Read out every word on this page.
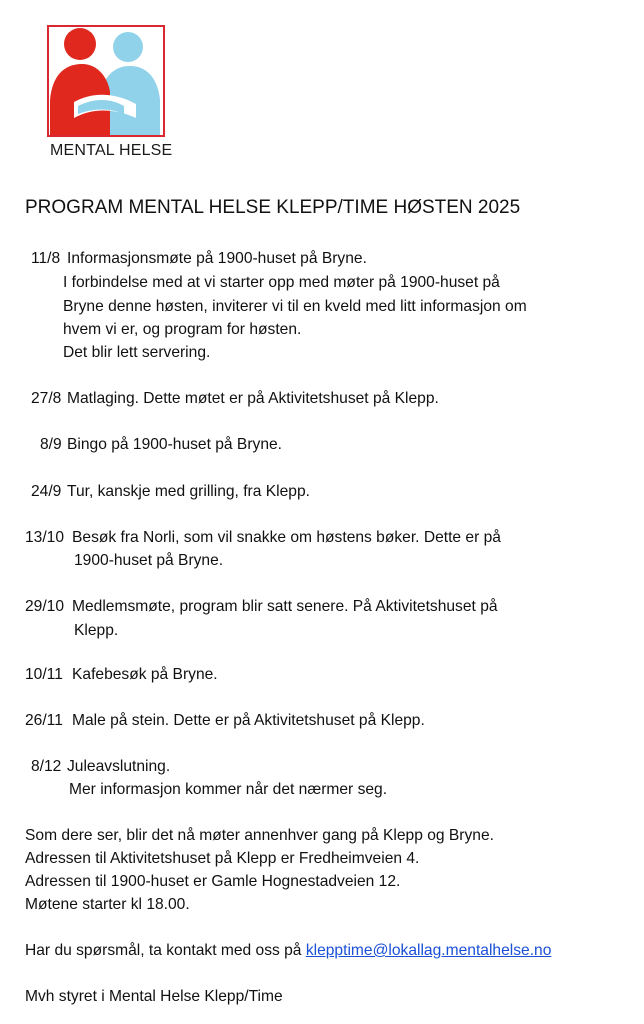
MENTAL HELSE
PROGRAM MENTAL HELSE KLEPP/TIME HØSTEN 2025
11/8 Informasjonsmøte på 1900-huset på Bryne.
I forbindelse med at vi starter opp med møter på 1900-huset på
Bryne denne høsten, inviterer vi til en kveld med litt informasjon om
hvem vi er, og program for høsten.
Det blir lett servering.
27/8 Matlaging. Dette møtet er på Aktivitetshuset på Klepp.
8/9 Bingo på 1900-huset på Bryne.
24/9 Tur, kanskje med grilling, fra Klepp.
13/10 Besøk fra Norli, som vil snakke om høstens bøker. Dette er på
1900-huset på Bryne.
29/10 Medlemsmøte, program blir satt senere. På Aktivitetshuset på
Klepp.
10/11 Kafebesøk på Bryne.
26/11 Male på stein. Dette er på Aktivitetshuset på Klepp.
8/12 Juleavslutning.
Mer informasjon kommer når det nærmer seg.
Som dere ser, blir det nå møter annenhver gang på Klepp og Bryne.
Adressen til Aktivitetshuset på Klepp er Fredheimveien 4.
Adressen til 1900-huset er Gamle Hognestadveien 12.
Møtene starter kl 18.00.
Har du spørsmål, ta kontakt med oss på klepptime@lokallag.mentalhelse.no
Mvh styret i Mental Helse Klepp/Time
